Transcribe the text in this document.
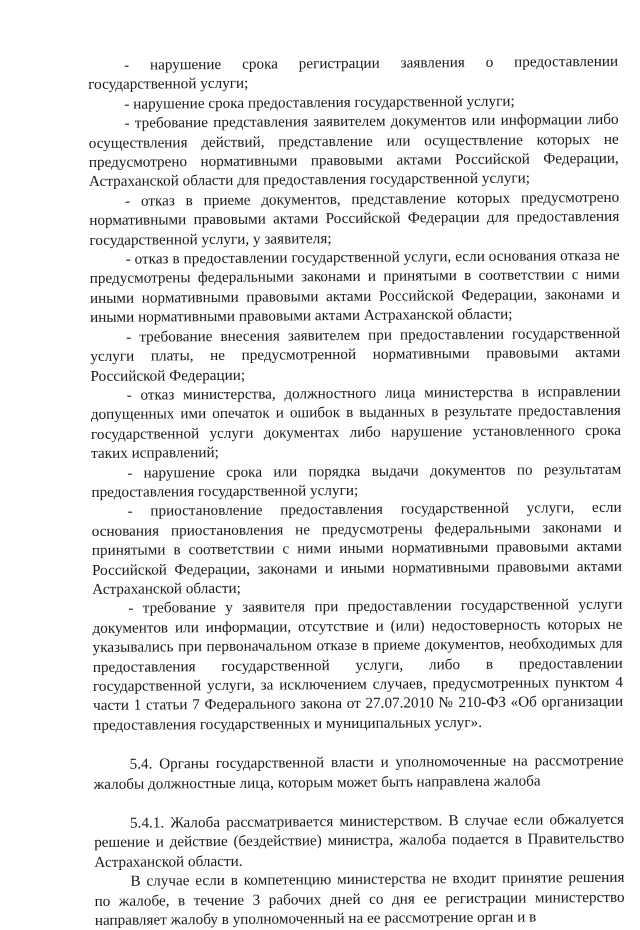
- нарушение срока регистрации заявления о предоставлении государственной услуги;

- нарушение срока предоставления государственной услуги;

- требование представления заявителем документов или информации либо осуществления действий, представление или осуществление которых не предусмотрено нормативными правовыми актами Российской Федерации, Астраханской области для предоставления государственной услуги;

- отказ в приеме документов, представление которых предусмотрено нормативными правовыми актами Российской Федерации для предоставления государственной услуги, у заявителя;

- отказ в предоставлении государственной услуги, если основания отказа не предусмотрены федеральными законами и принятыми в соответствии с ними иными нормативными правовыми актами Российской Федерации, законами и иными нормативными правовыми актами Астраханской области;

- требование внесения заявителем при предоставлении государственной услуги платы, не предусмотренной нормативными правовыми актами Российской Федерации;

- отказ министерства, должностного лица министерства в исправлении допущенных ими опечаток и ошибок в выданных в результате предоставления государственной услуги документах либо нарушение установленного срока таких исправлений;

- нарушение срока или порядка выдачи документов по результатам предоставления государственной услуги;

- приостановление предоставления государственной услуги, если основания приостановления не предусмотрены федеральными законами и принятыми в соответствии с ними иными нормативными правовыми актами Российской Федерации, законами и иными нормативными правовыми актами Астраханской области;

- требование у заявителя при предоставлении государственной услуги документов или информации, отсутствие и (или) недостоверность которых не указывались при первоначальном отказе в приеме документов, необходимых для предоставления государственной услуги, либо в предоставлении государственной услуги, за исключением случаев, предусмотренных пунктом 4 части 1 статьи 7 Федерального закона от 27.07.2010 № 210-ФЗ «Об организации предоставления государственных и муниципальных услуг».

5.4. Органы государственной власти и уполномоченные на рассмотрение жалобы должностные лица, которым может быть направлена жалоба

5.4.1. Жалоба рассматривается министерством. В случае если обжалуется решение и действие (бездействие) министра, жалоба подается в Правительство Астраханской области.

В случае если в компетенцию министерства не входит принятие решения по жалобе, в течение 3 рабочих дней со дня ее регистрации министерство направляет жалобу в уполномоченный на ее рассмотрение орган и в
